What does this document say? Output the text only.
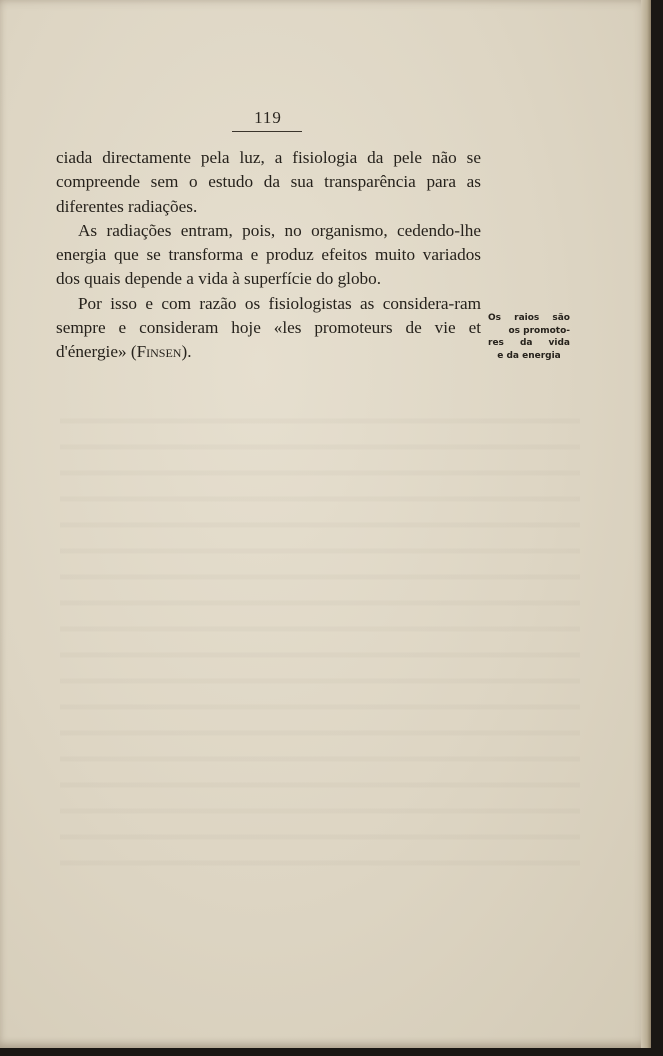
119

ciada directamente pela luz, a fisiologia da pele não se compreende sem o estudo da sua transparência para as diferentes radiações.

As radiações entram, pois, no organismo, cedendo-lhe energia que se transforma e produz efeitos muito variados dos quais depende a vida à superfície do globo.

Por isso e com razão os fisiologistas as considera-ram sempre e consideram hoje «les promoteurs de vie et d'énergie» (Finsen).

Os raios são
os promoto-
res da vida
e da energia
